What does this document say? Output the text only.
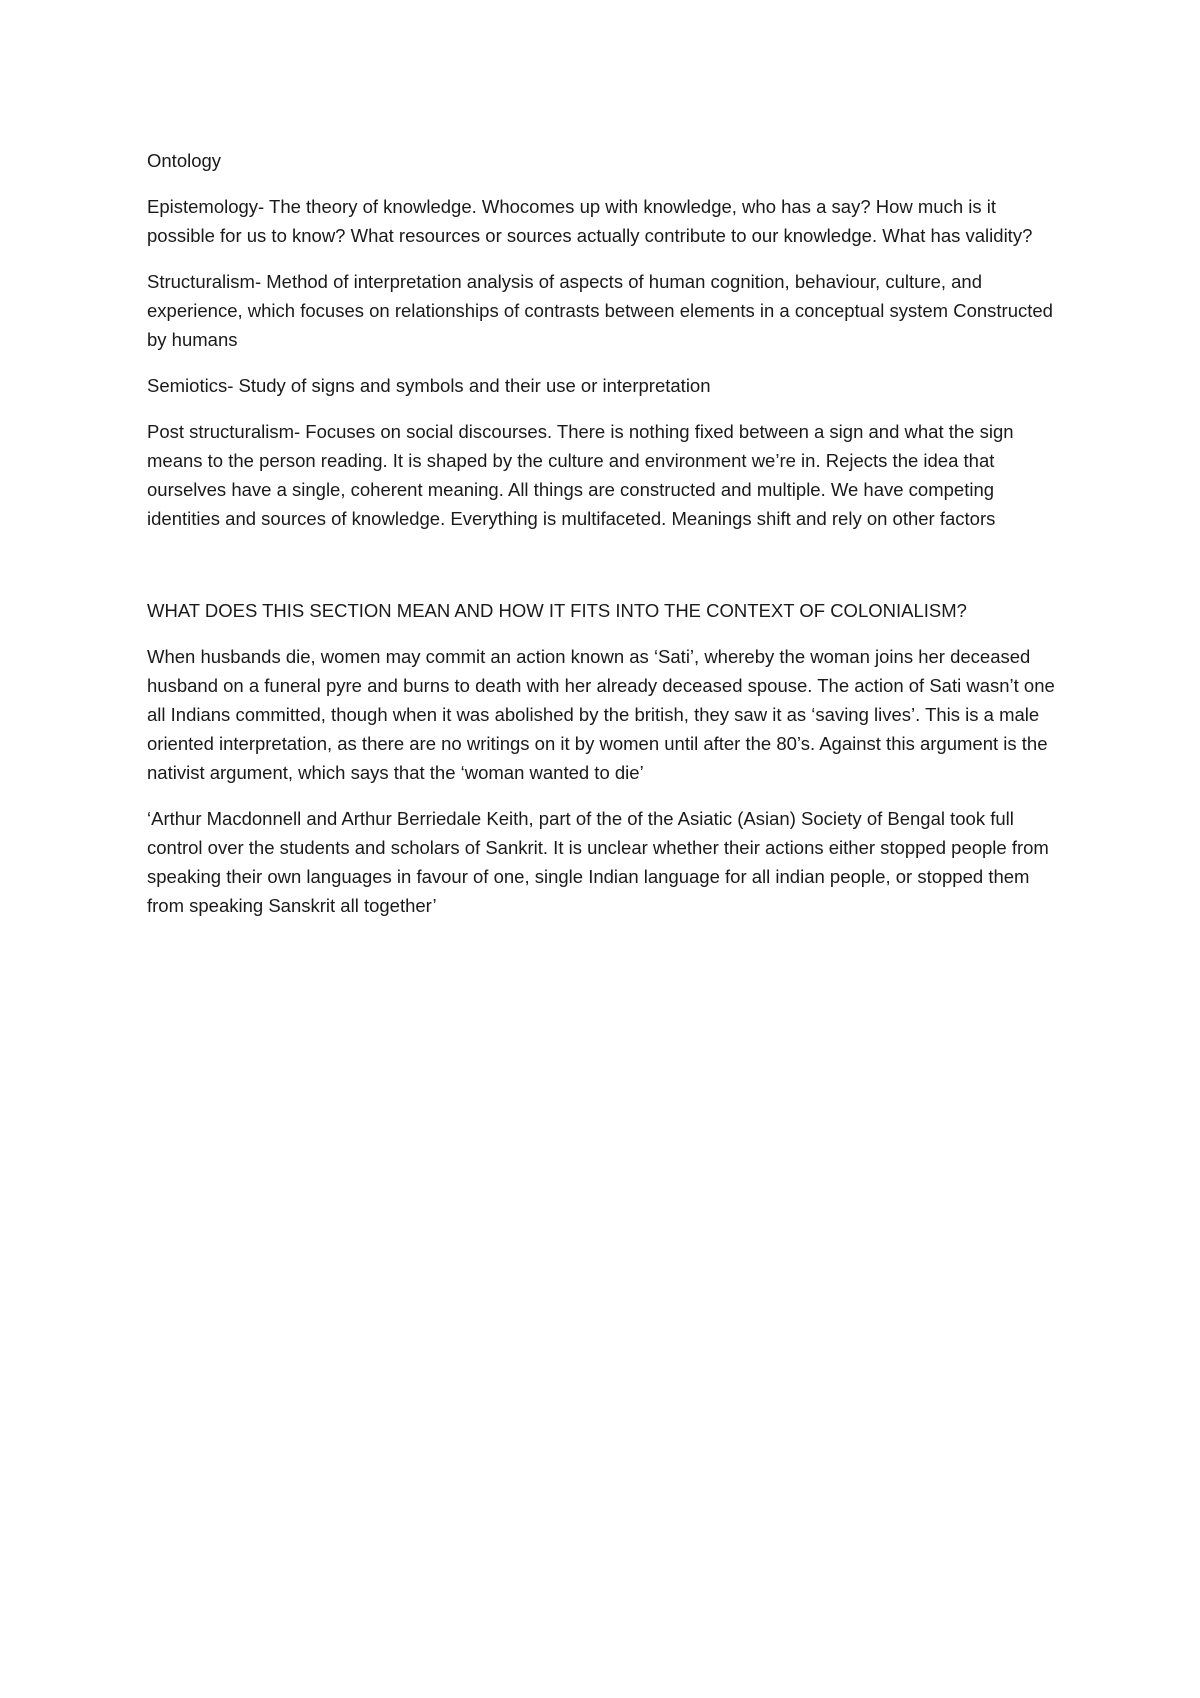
Ontology

Epistemology- The theory of knowledge. Whocomes up with knowledge, who has a say? How much is it possible for us to know? What resources or sources actually contribute to our knowledge. What has validity?

Structuralism- Method of interpretation analysis of aspects of human cognition, behaviour, culture, and experience, which focuses on relationships of contrasts between elements in a conceptual system Constructed by humans

Semiotics- Study of signs and symbols and their use or interpretation

Post structuralism- Focuses on social discourses. There is nothing fixed between a sign and what the sign means to the person reading. It is shaped by the culture and environment we’re in. Rejects the idea that ourselves have a single, coherent meaning. All things are constructed and multiple. We have competing identities and sources of knowledge. Everything is multifaceted. Meanings shift and rely on other factors

WHAT DOES THIS SECTION MEAN AND HOW IT FITS INTO THE CONTEXT OF COLONIALISM?

When husbands die, women may commit an action known as ‘Sati’, whereby the woman joins her deceased husband on a funeral pyre and burns to death with her already deceased spouse. The action of Sati wasn’t one all Indians committed, though when it was abolished by the british, they saw it as ‘saving lives’. This is a male oriented interpretation, as there are no writings on it by women until after the 80’s. Against this argument is the nativist argument, which says that the ‘woman wanted to die’

‘Arthur Macdonnell and Arthur Berriedale Keith, part of the of the Asiatic (Asian) Society of Bengal took full control over the students and scholars of Sankrit. It is unclear whether their actions either stopped people from speaking their own languages in favour of one, single Indian language for all indian people, or stopped them from speaking Sanskrit all together’
